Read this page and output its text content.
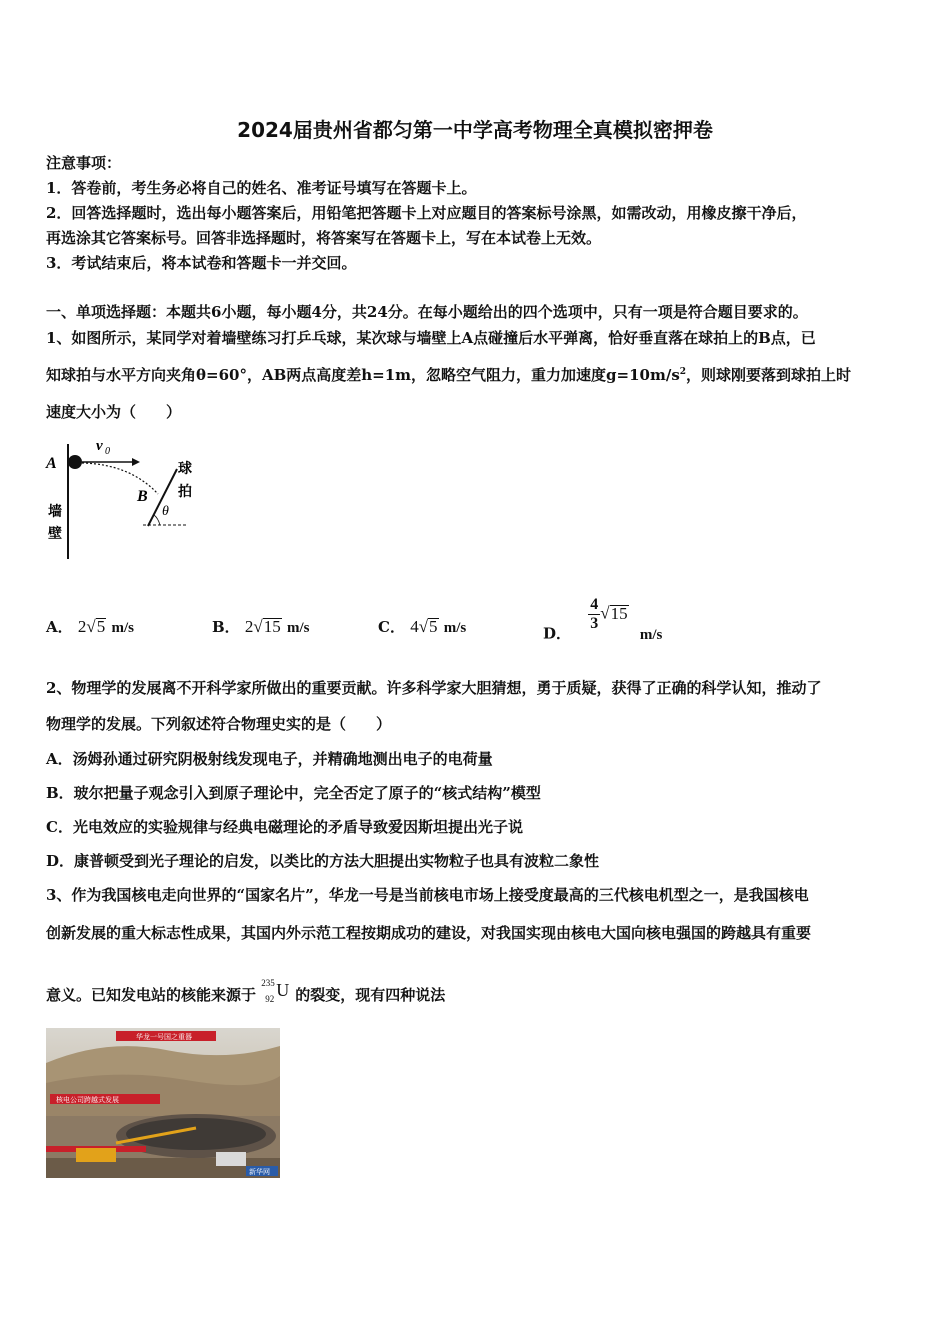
2024届贵州省都匀第一中学高考物理全真模拟密押卷
注意事项：
1．答卷前，考生务必将自己的姓名、准考证号填写在答题卡上。
2．回答选择题时，选出每小题答案后，用铅笔把答题卡上对应题目的答案标号涂黑，如需改动，用橡皮擦干净后，
再选涂其它答案标号。回答非选择题时，将答案写在答题卡上，写在本试卷上无效。
3．考试结束后，将本试卷和答题卡一并交回。
一、单项选择题：本题共6小题，每小题4分，共24分。在每小题给出的四个选项中，只有一项是符合题目要求的。
1、如图所示，某同学对着墙壁练习打乒乓球，某次球与墙壁上A点碰撞后水平弹离，恰好垂直落在球拍上的B点，已
知球拍与水平方向夹角θ=60°，AB两点高度差h=1m，忽略空气阻力，重力加速度$g=10m/s^2$，则球刚要落到球拍上时
速度大小为（　　）
A
v 0
B
θ
墙
壁
球
拍
A． 2√5 m/s	B． 2√15 m/s	C． 4√5 m/s	D．
$\frac{4}{3} √15$ m/s
2、物理学的发展离不开科学家所做出的重要贡献。许多科学家大胆猜想，勇于质疑，获得了正确的科学认知，推动了
物理学的发展。下列叙述符合物理史实的是（　　）
A．汤姆孙通过研究阴极射线发现电子，并精确地测出电子的电荷量
B．玻尔把量子观念引入到原子理论中，完全否定了原子的“核式结构”模型
C．光电效应的实验规律与经典电磁理论的矛盾导致爱因斯坦提出光子说
D．康普顿受到光子理论的启发，以类比的方法大胆提出实物粒子也具有波粒二象性
3、作为我国核电走向世界的“国家名片”，华龙一号是当前核电市场上接受度最高的三代核电机型之一，是我国核电
创新发展的重大标志性成果，其国内外示范工程按期成功的建设，对我国实现由核电大国向核电强国的跨越具有重要
意义。已知发电站的核能来源于
235
92 U 的裂变，现有四种说法
核电公司跨越式发展
华龙一号国之重器
新华网
